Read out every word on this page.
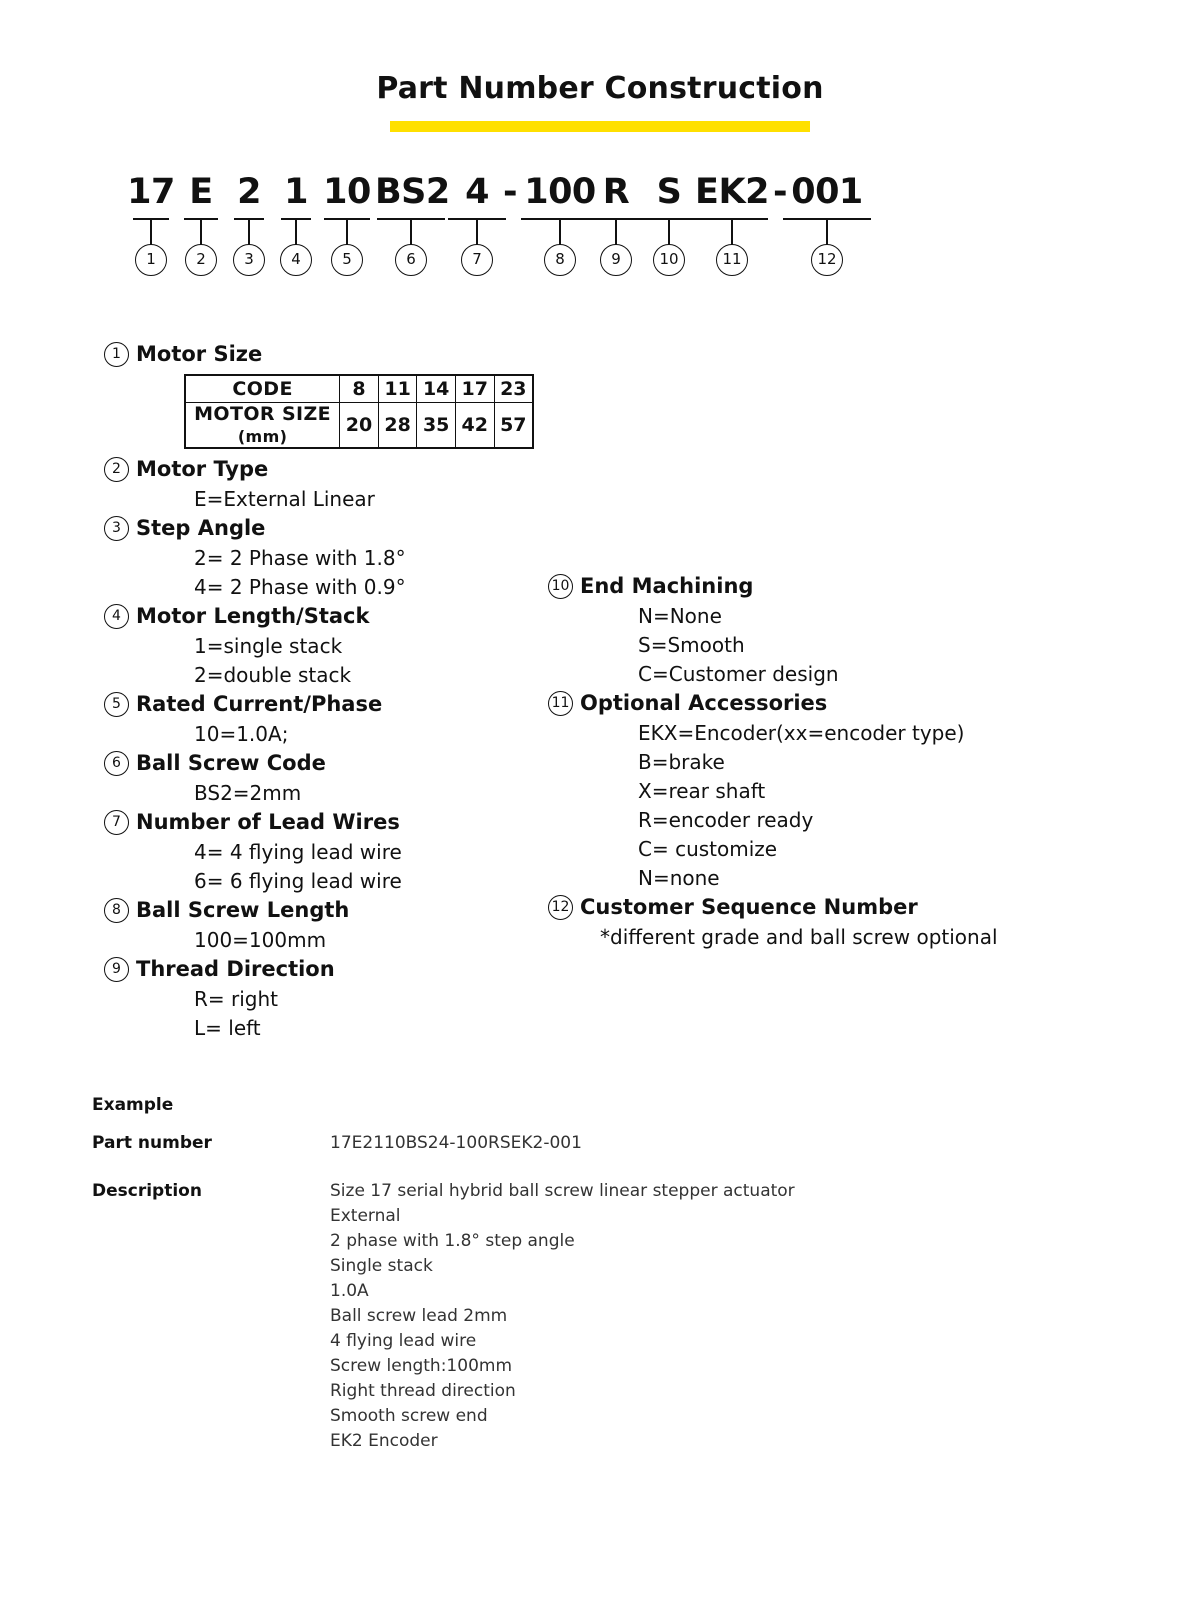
Part Number Construction
17
1
E
2
2
3
1
4
10
5
BS2
6
4
7
100
8
R
9
S
10
EK2
11
001
12
-	-
1 Motor Size
CODE	8	11	14	17	23
MOTOR SIZE (mm)	20	28	35	42	57
2 Motor Type
E=External Linear
3 Step Angle
2= 2 Phase with 1.8°
4= 2 Phase with 0.9°
4 Motor Length/Stack
1=single stack
2=double stack
5 Rated Current/Phase
10=1.0A;
6 Ball Screw Code
BS2=2mm
7 Number of Lead Wires
4= 4 flying lead wire
6= 6 flying lead wire
8 Ball Screw Length
100=100mm
9 Thread Direction
R= right
L= left
10 End Machining
N=None
S=Smooth
C=Customer design
11 Optional Accessories
EKX=Encoder(xx=encoder type)
B=brake
X=rear shaft
R=encoder ready
C= customize
N=none
12 Customer Sequence Number
*different grade and ball screw optional
Example
Part number	17E2110BS24-100RSEK2-001
Description	Size 17 serial hybrid ball screw linear stepper actuator
External
2 phase with 1.8° step angle
Single stack
1.0A
Ball screw lead 2mm
4 flying lead wire
Screw length:100mm
Right thread direction
Smooth screw end
EK2 Encoder
